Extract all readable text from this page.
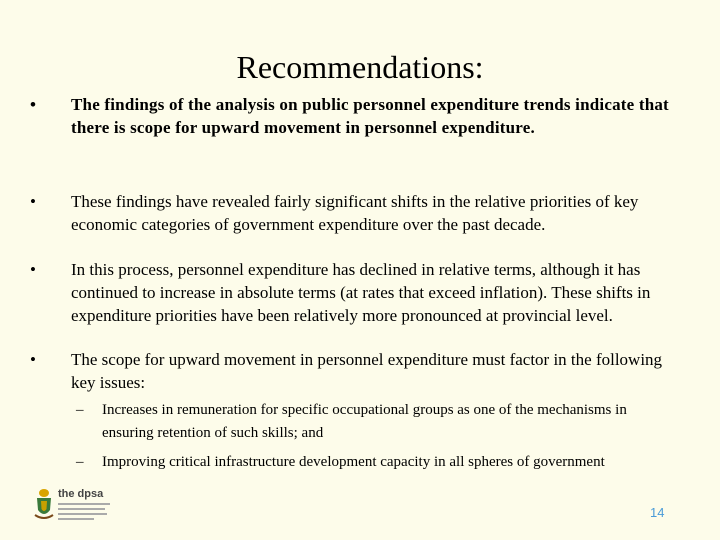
Recommendations:
•	The findings of the analysis on public personnel expenditure trends indicate that there is scope for upward movement in personnel expenditure.
•	These findings have revealed fairly significant shifts in the relative priorities of key economic categories of government expenditure over the past decade.
•	In this process, personnel expenditure has declined in relative terms, although it has continued to increase in absolute terms (at rates that exceed inflation). These shifts in expenditure priorities have been relatively more pronounced at provincial level.
•	The scope for upward movement in personnel expenditure must factor in the following key issues:
– Increases in remuneration for specific occupational groups as one of the mechanisms in ensuring retention of such skills; and
– Improving critical infrastructure development capacity in all spheres of government
the dpsa
14
